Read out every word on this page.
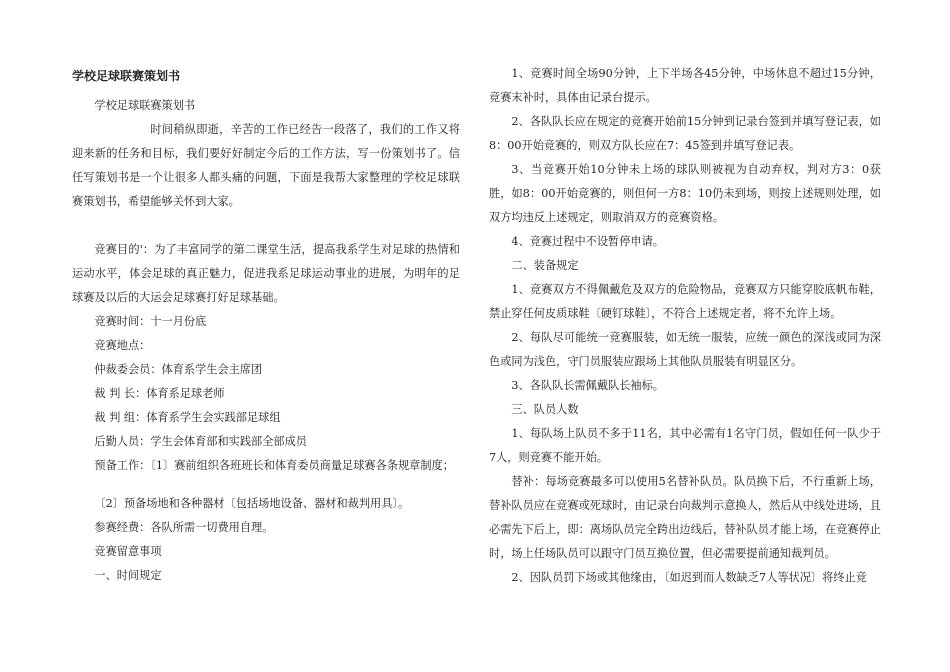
学校足球联赛策划书

学校足球联赛策划书

时间稍纵即逝，辛苦的工作已经告一段落了，我们的工作又将迎来新的任务和目标，我们要好好制定今后的工作方法，写一份策划书了。信任写策划书是一个让很多人都头痛的问题，下面是我帮大家整理的学校足球联赛策划书，希望能够关怀到大家。

竞赛目的'：为了丰富同学的第二课堂生活，提高我系学生对足球的热情和运动水平，体会足球的真正魅力，促进我系足球运动事业的进展，为明年的足球赛及以后的大运会足球赛打好足球基础。

竞赛时间：十一月份底

竞赛地点：

仲裁委会员：体育系学生会主席团

裁 判 长：体育系足球老师

裁 判 组：体育系学生会实践部足球组

后勤人员：学生会体育部和实践部全部成员

预备工作：〔1〕赛前组织各班班长和体育委员商量足球赛各条规章制度；

〔2〕预备场地和各种器材〔包括场地设备、器材和裁判用具〕。

参赛经费：各队所需一切费用自理。

竞赛留意事项

一、时间规定

1、竞赛时间全场90分钟，上下半场各45分钟，中场休息不超过15分钟，竞赛末补时，具体由记录台提示。

2、各队队长应在规定的竞赛开始前15分钟到记录台签到并填写登记表，如8：00开始竞赛的，则双方队长应在7：45签到并填写登记表。

3、当竞赛开始10分钟未上场的球队则被视为自动弃权，判对方3：0获胜，如8：00开始竞赛的，则但何一方8：10仍未到场，则按上述规则处理，如双方均违反上述规定，则取消双方的竞赛资格。

4、竞赛过程中不设暂停申请。

二、装备规定

1、竞赛双方不得佩戴危及双方的危险物品，竞赛双方只能穿胶底帆布鞋，禁止穿任何皮质球鞋〔硬钉球鞋〕，不符合上述规定者，将不允许上场。

2、每队尽可能统一竞赛服装，如无统一服装，应统一颜色的深浅或同为深色或同为浅色，守门员服装应跟场上其他队员服装有明显区分。

3、各队队长需佩戴队长袖标。

三、队员人数

1、每队场上队员不多于11名，其中必需有1名守门员，假如任何一队少于7人，则竞赛不能开始。

替补：每场竞赛最多可以使用5名替补队员。队员换下后，不行重新上场，替补队员应在竞赛或死球时，由记录台向裁判示意换人，然后从中线处进场，且必需先下后上，即：离场队员完全跨出边线后，替补队员才能上场，在竞赛停止时，场上任场队员可以跟守门员互换位置，但必需要提前通知裁判员。

2、因队员罚下场或其他缘由，〔如迟到而人数缺乏7人等状况〕将终止竞
